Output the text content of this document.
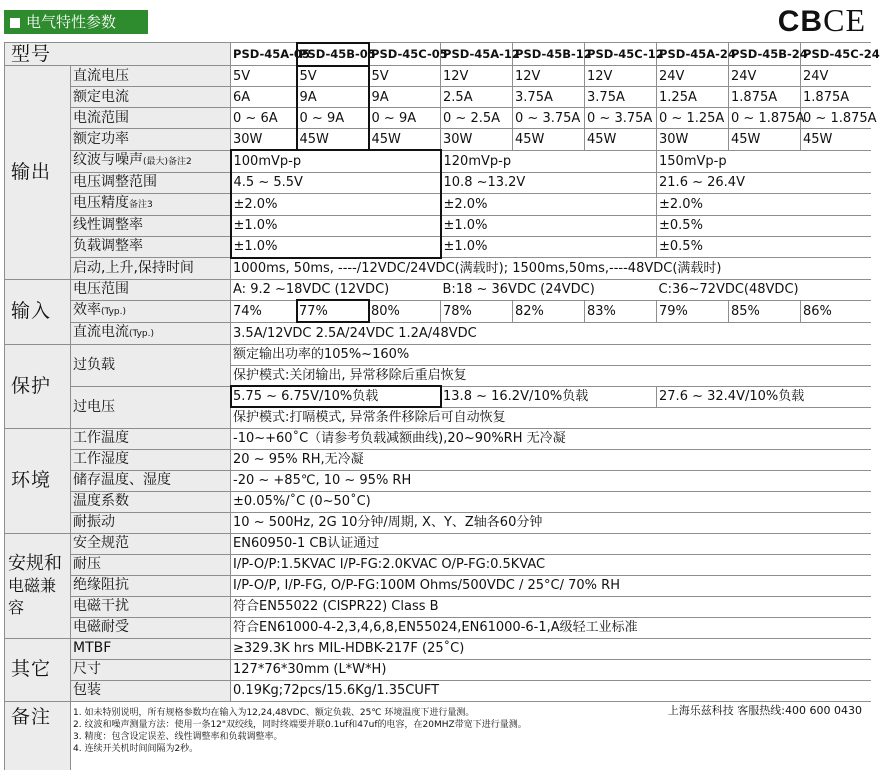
电气特性参数	CBCE
型号		PSD-45A-05	PSD-45B-05	PSD-45C-05	PSD-45A-12	PSD-45B-12	PSD-45C-12	PSD-45A-24	PSD-45B-24	PSD-45C-24
输出	直流电压	5V	5V	5V	12V	12V	12V	24V	24V	24V
	额定电流	6A	9A	9A	2.5A	3.75A	3.75A	1.25A	1.875A	1.875A
	电流范围	0 ~ 6A	0 ~ 9A	0 ~ 9A	0 ~ 2.5A	0 ~ 3.75A	0 ~ 3.75A	0 ~ 1.25A	0 ~ 1.875A	0 ~ 1.875A
	额定功率	30W	45W	45W	30W	45W	45W	30W	45W	45W
	纹波与噪声(最大)备注2	100mVp-p			120mVp-p			150mVp-p		
	电压调整范围	4.5 ~ 5.5V			10.8 ~13.2V			21.6 ~ 26.4V		
	电压精度备注3	±2.0%			±2.0%			±2.0%		
	线性调整率	±1.0%			±1.0%			±0.5%		
	负载调整率	±1.0%			±1.0%			±0.5%		
	启动,上升,保持时间	1000ms, 50ms, ----/12VDC/24VDC(满载时); 1500ms,50ms,----48VDC(满载时)								
输入	电压范围	A: 9.2 ~18VDC (12VDC)			B:18 ~ 36VDC (24VDC)			C:36~72VDC(48VDC)		
	效率(Typ.)	74%	77%	80%	78%	82%	83%	79%	85%	86%
	直流电流(Typ.)	3.5A/12VDC 2.5A/24VDC 1.2A/48VDC								
保护	过负载	额定输出功率的105%~160%								
		保护模式:关闭输出, 异常移除后重启恢复								
	过电压	5.75 ~ 6.75V/10%负载			13.8 ~ 16.2V/10%负载			27.6 ~ 32.4V/10%负载		
		保护模式:打嗝模式, 异常条件移除后可自动恢复								
环境	工作温度	-10~+60˚C（请参考负载减额曲线),20~90%RH 无冷凝								
	工作湿度	20 ~ 95% RH,无冷凝								
	储存温度、湿度	-20 ~ +85℃, 10 ~ 95% RH								
	温度系数	±0.05%/˚C (0~50˚C)								
	耐振动	10 ~ 500Hz, 2G 10分钟/周期, X、Y、Z轴各60分钟								
安规和
电磁兼容	安全规范	EN60950-1 CB认证通过								
	耐压	I/P-O/P:1.5KVAC I/P-FG:2.0KVAC O/P-FG:0.5KVAC								
	绝缘阻抗	I/P-O/P, I/P-FG, O/P-FG:100M Ohms/500VDC / 25°C/ 70% RH								
	电磁干扰	符合EN55022 (CISPR22) Class B								
	电磁耐受	符合EN61000-4-2,3,4,6,8,EN55024,EN61000-6-1,A级轻工业标准								
其它	MTBF	≥329.3K hrs MIL-HDBK-217F (25˚C)								
	尺寸	127*76*30mm (L*W*H)								
	包装	0.19Kg;72pcs/15.6Kg/1.35CUFT								
备注	1. 如未特别说明，所有规格参数均在输入为12,24,48VDC、额定负载、25℃ 环境温度下进行量测。
2. 纹波和噪声测量方法：使用一条12"双绞线，同时终端要并联0.1uf和47uf的电容，在20MHZ带宽下进行量测。
3. 精度：包含设定误差、线性调整率和负载调整率。
4. 连续开关机时间间隔为2秒。									
上海乐兹科技 客服热线:400 600 0430
